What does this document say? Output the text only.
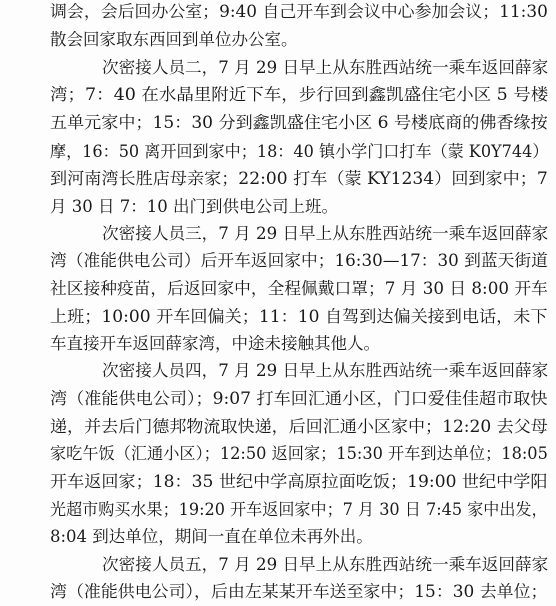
调会，会后回办公室；9:40 自己开车到会议中心参加会议；11:30
散会回家取东西回到单位办公室。
次密接人员二，7 月 29 日早上从东胜西站统一乘车返回薛家
湾；7：40 在水晶里附近下车，步行回到鑫凯盛住宅小区 5 号楼
五单元家中；15：30 分到鑫凯盛住宅小区 6 号楼底商的佛香缘按
摩，16：50 离开回到家中；18：40 镇小学门口打车（蒙 K0Y744）
到河南湾长胜店母亲家；22:00 打车（蒙 KY1234）回到家中；7
月 30 日 7：10 出门到供电公司上班。
次密接人员三，7 月 29 日早上从东胜西站统一乘车返回薛家
湾（准能供电公司）后开车返回家中；16:30—17：30 到蓝天街道
社区接种疫苗，后返回家中，全程佩戴口罩；7 月 30 日 8:00 开车
上班；10:00 开车回偏关；11：10 自驾到达偏关接到电话，未下
车直接开车返回薛家湾，中途未接触其他人。
次密接人员四，7 月 29 日早上从东胜西站统一乘车返回薛家
湾（准能供电公司）；9:07 打车回汇通小区，门口爱佳佳超市取快
递，并去后门德邦物流取快递，后回汇通小区家中；12:20 去父母
家吃午饭（汇通小区）；12:50 返回家；15:30 开车到达单位；18:05
开车返回家；18：35 世纪中学高原拉面吃饭；19:00 世纪中学阳
光超市购买水果；19:20 开车返回家中；7 月 30 日 7:45 家中出发，
8:04 到达单位，期间一直在单位未再外出。
次密接人员五，7 月 29 日早上从东胜西站统一乘车返回薛家
湾（准能供电公司），后由左某某开车送至家中；15：30 去单位；
